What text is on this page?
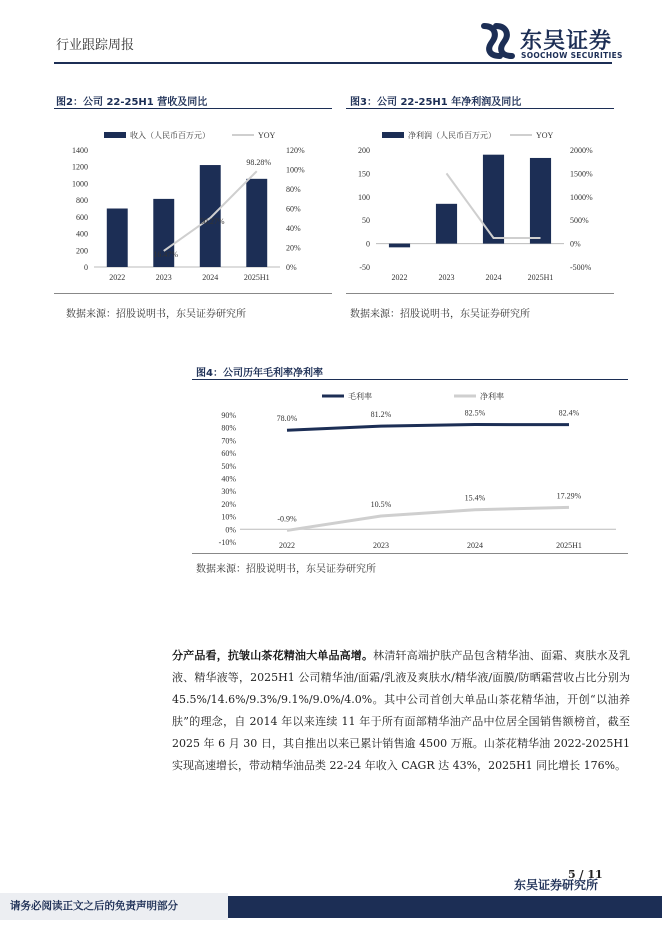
行业跟踪周报	东吴证券
SOOCHOW SECURITIES
图2：公司 22-25H1 营收及同比
收入（人民币百万元）	YOY
0
200
400
600
800
1000
1200
1400
0%
20%
40%
60%
80%
100%
120%
2022	2023	2024	2025H1
16.47%
50.27%
98.28%
数据来源：招股说明书，东吴证券研究所
图3：公司 22-25H1 年净利润及同比
净利润（人民币百万元）	YOY
-50
0
50
100
150
200
-500%
0%
500%
1000%
1500%
2000%
2022	2023	2024	2025H1
数据来源：招股说明书，东吴证券研究所
图4：公司历年毛利率净利率
毛利率	净利率
-10%
0%
10%
20%
30%
40%
50%
60%
70%
80%
90%
2022	2023	2024	2025H1
78.0%	81.2%	82.5%	82.4%
-0.9%
10.5%
15.4%	17.29%
数据来源：招股说明书，东吴证券研究所
分产品看，抗皱山茶花精油大单品高增。林清轩高端护肤产品包含精华油、面霜、爽肤水及乳液、精华液等，2025H1 公司精华油/面霜/乳液及爽肤水/精华液/面膜/防晒霜营收占比分别为 45.5%/14.6%/9.3%/9.1%/9.0%/4.0%。其中公司首创大单品山茶花精华油，开创“以油养肤”的理念，自 2014 年以来连续 11 年于所有面部精华油产品中位居全国销售额榜首，截至 2025 年 6 月 30 日，其自推出以来已累计销售逾 4500 万瓶。山茶花精华油 2022-2025H1 实现高速增长，带动精华油品类 22-24 年收入 CAGR 达 43%，2025H1 同比增长 176%。
5 / 11
东吴证券研究所
请务必阅读正文之后的免责声明部分
